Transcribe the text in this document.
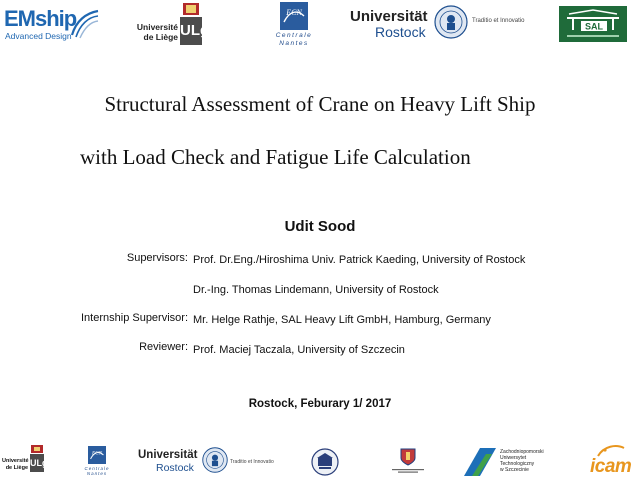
EMship
Advanced Design
Université
de Liège ULg
ECN
Centrale
Nantes
Universität
Rostock
Traditio et Innovatio
SAL
Structural Assessment of Crane on Heavy Lift Ship
with Load Check and Fatigue Life Calculation
Udit Sood
Supervisors: Prof. Dr.Eng./Hiroshima Univ. Patrick Kaeding, University of Rostock
Dr.-Ing. Thomas Lindemann, University of Rostock
Internship Supervisor: Mr. Helge Rathje, SAL Heavy Lift GmbH, Hamburg, Germany
Reviewer: Prof. Maciej Taczala, University of Szczecin
Rostock, Feburary 1/ 2017
Université
de Liège ULg
ECN
Centrale
Nantes
Universität
Rostock	Traditio et Innovatio
Zachodniopomorski
Uniwersytet
Technologiczny
w Szczecinie	icam
